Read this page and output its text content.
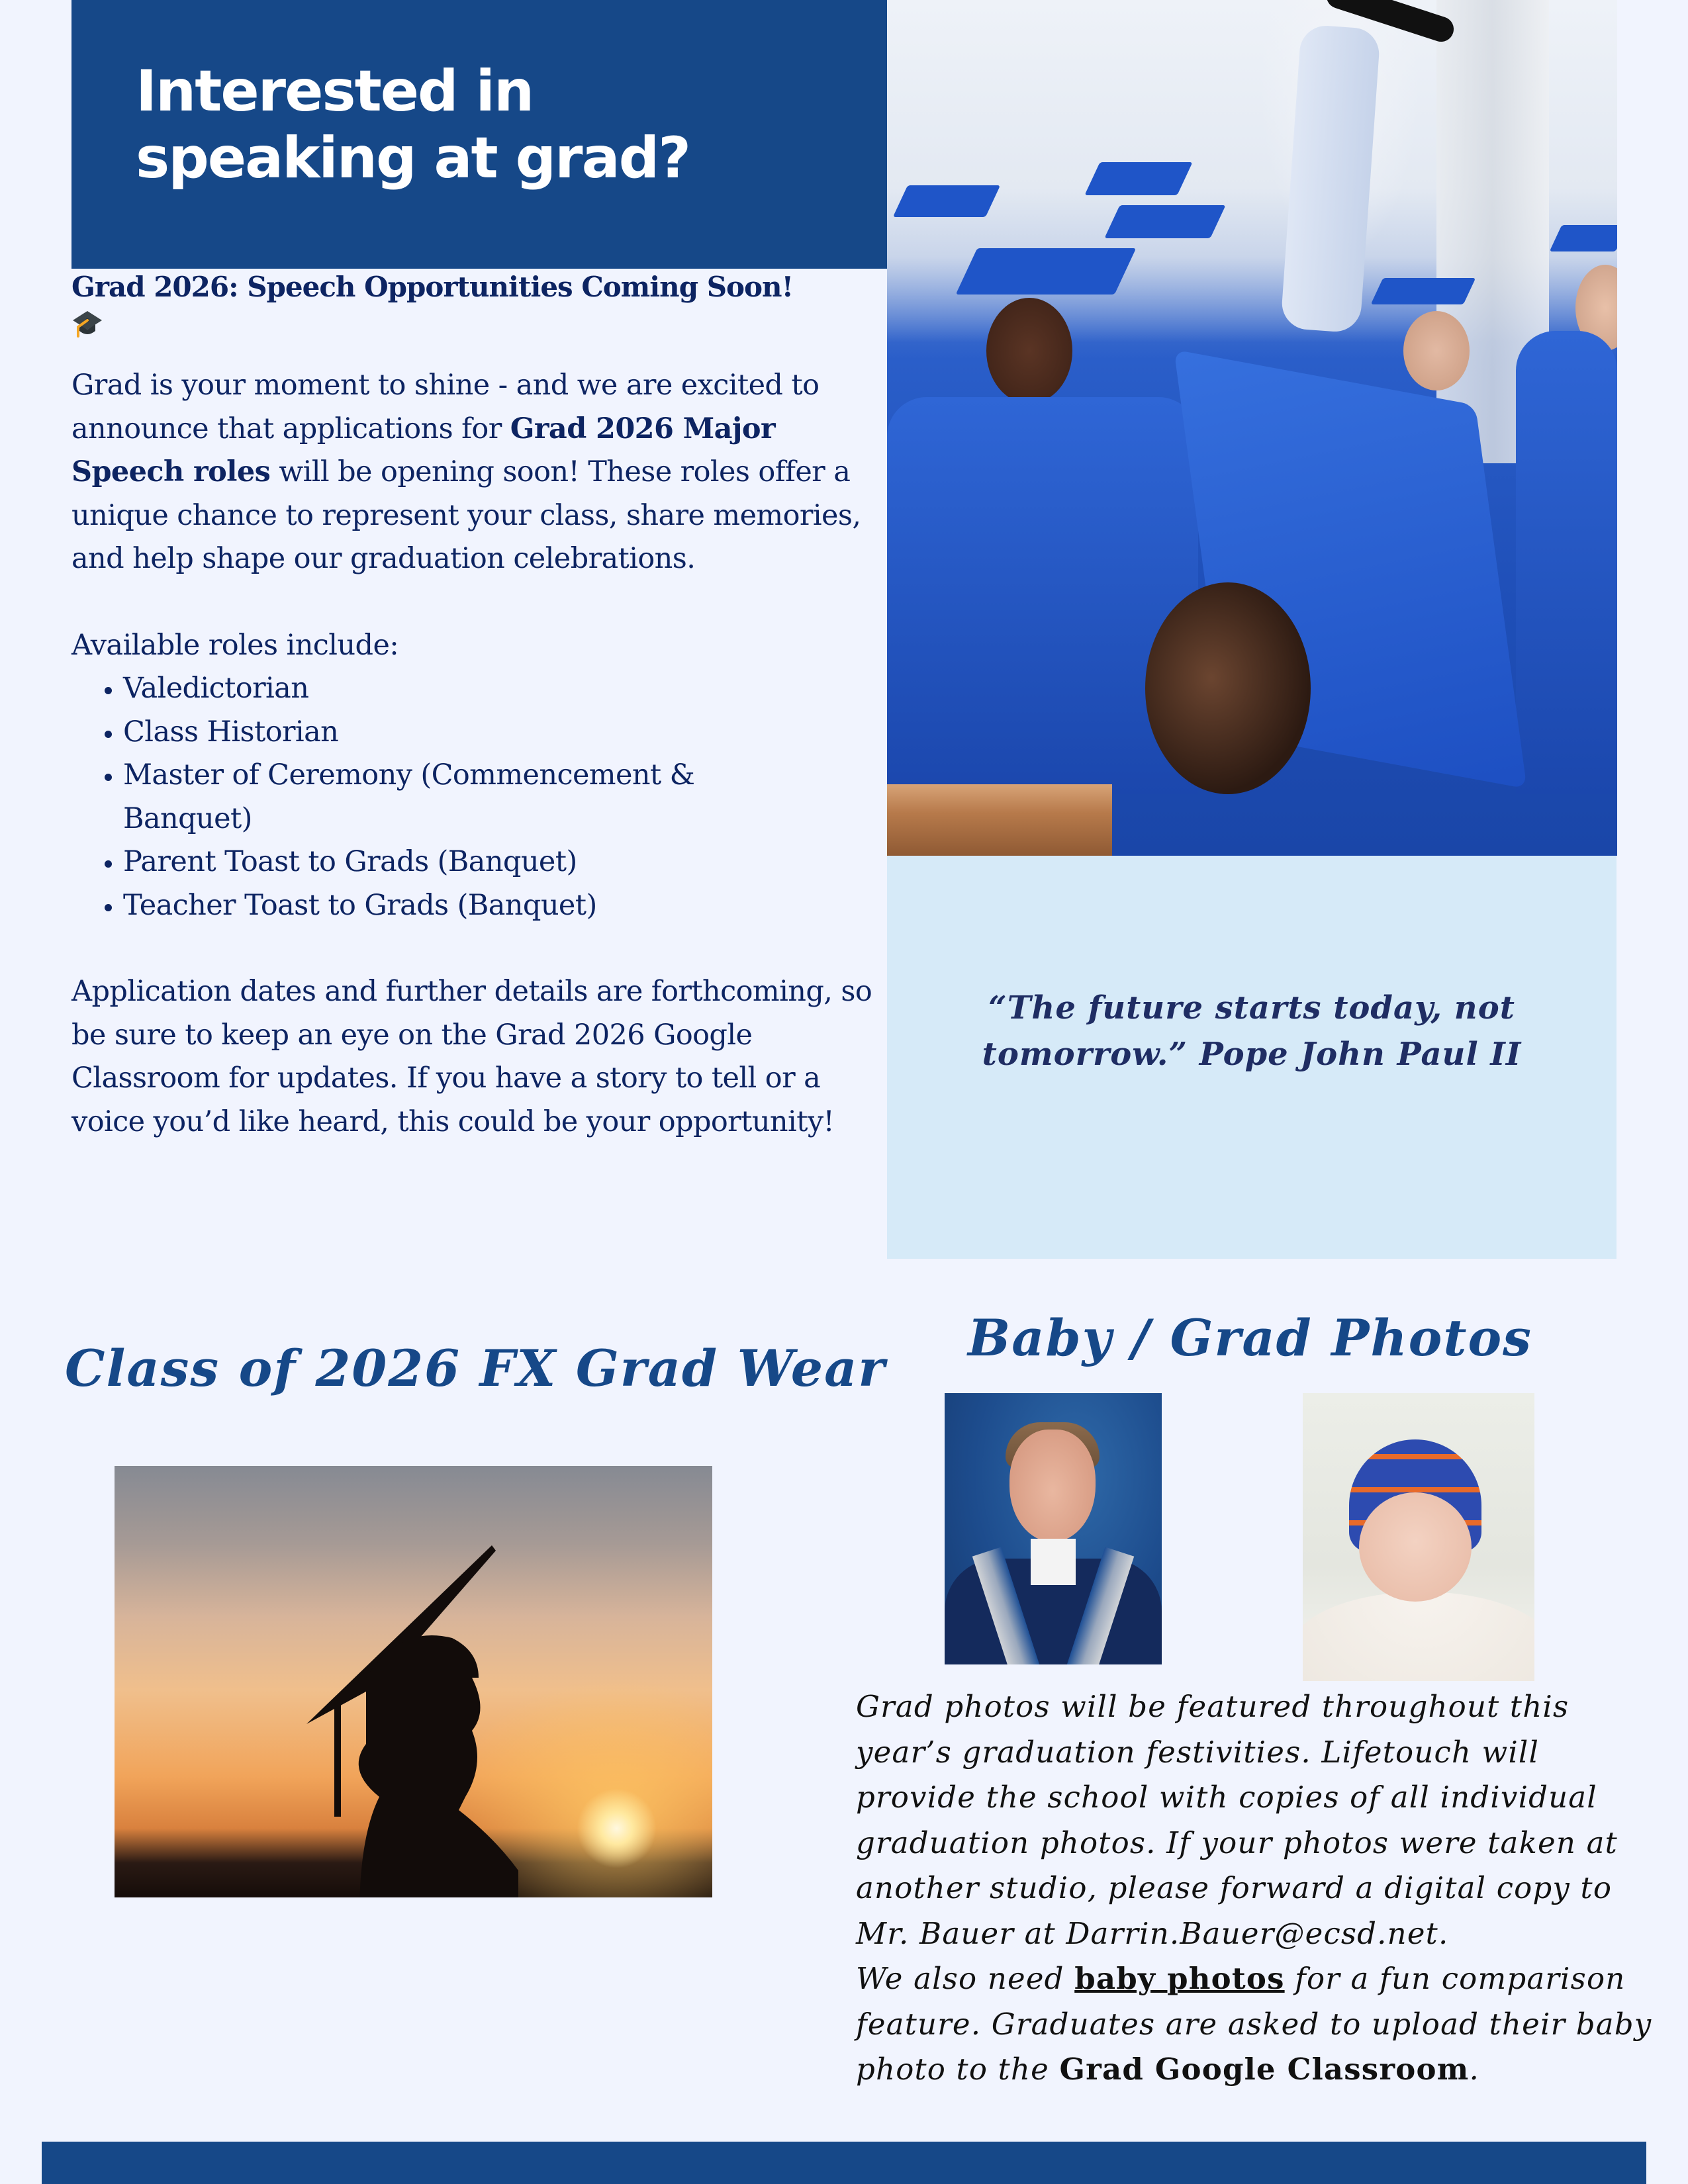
Interested in
speaking at grad?

Grad 2026: Speech Opportunities Coming Soon!

Grad is your moment to shine - and we are excited to announce that applications for Grad 2026 Major Speech roles will be opening soon! These roles offer a unique chance to represent your class, share memories, and help shape our graduation celebrations.

Available roles include:

• Valedictorian
• Class Historian
• Master of Ceremony (Commencement & Banquet)
• Parent Toast to Grads (Banquet)
• Teacher Toast to Grads (Banquet)

Application dates and further details are forthcoming, so be sure to keep an eye on the Grad 2026 Google Classroom for updates. If you have a story to tell or a voice you’d like heard, this could be your opportunity!

“The future starts today, not
tomorrow.” Pope John Paul II

Class of 2026 FX Grad Wear
Baby / Grad Photos

Grad photos will be featured throughout this year’s graduation festivities. Lifetouch will provide the school with copies of all individual graduation photos. If your photos were taken at another studio, please forward a digital copy to Mr. Bauer at Darrin.Bauer@ecsd.net.

We also need baby photos for a fun comparison feature. Graduates are asked to upload their baby photo to the Grad Google Classroom.
